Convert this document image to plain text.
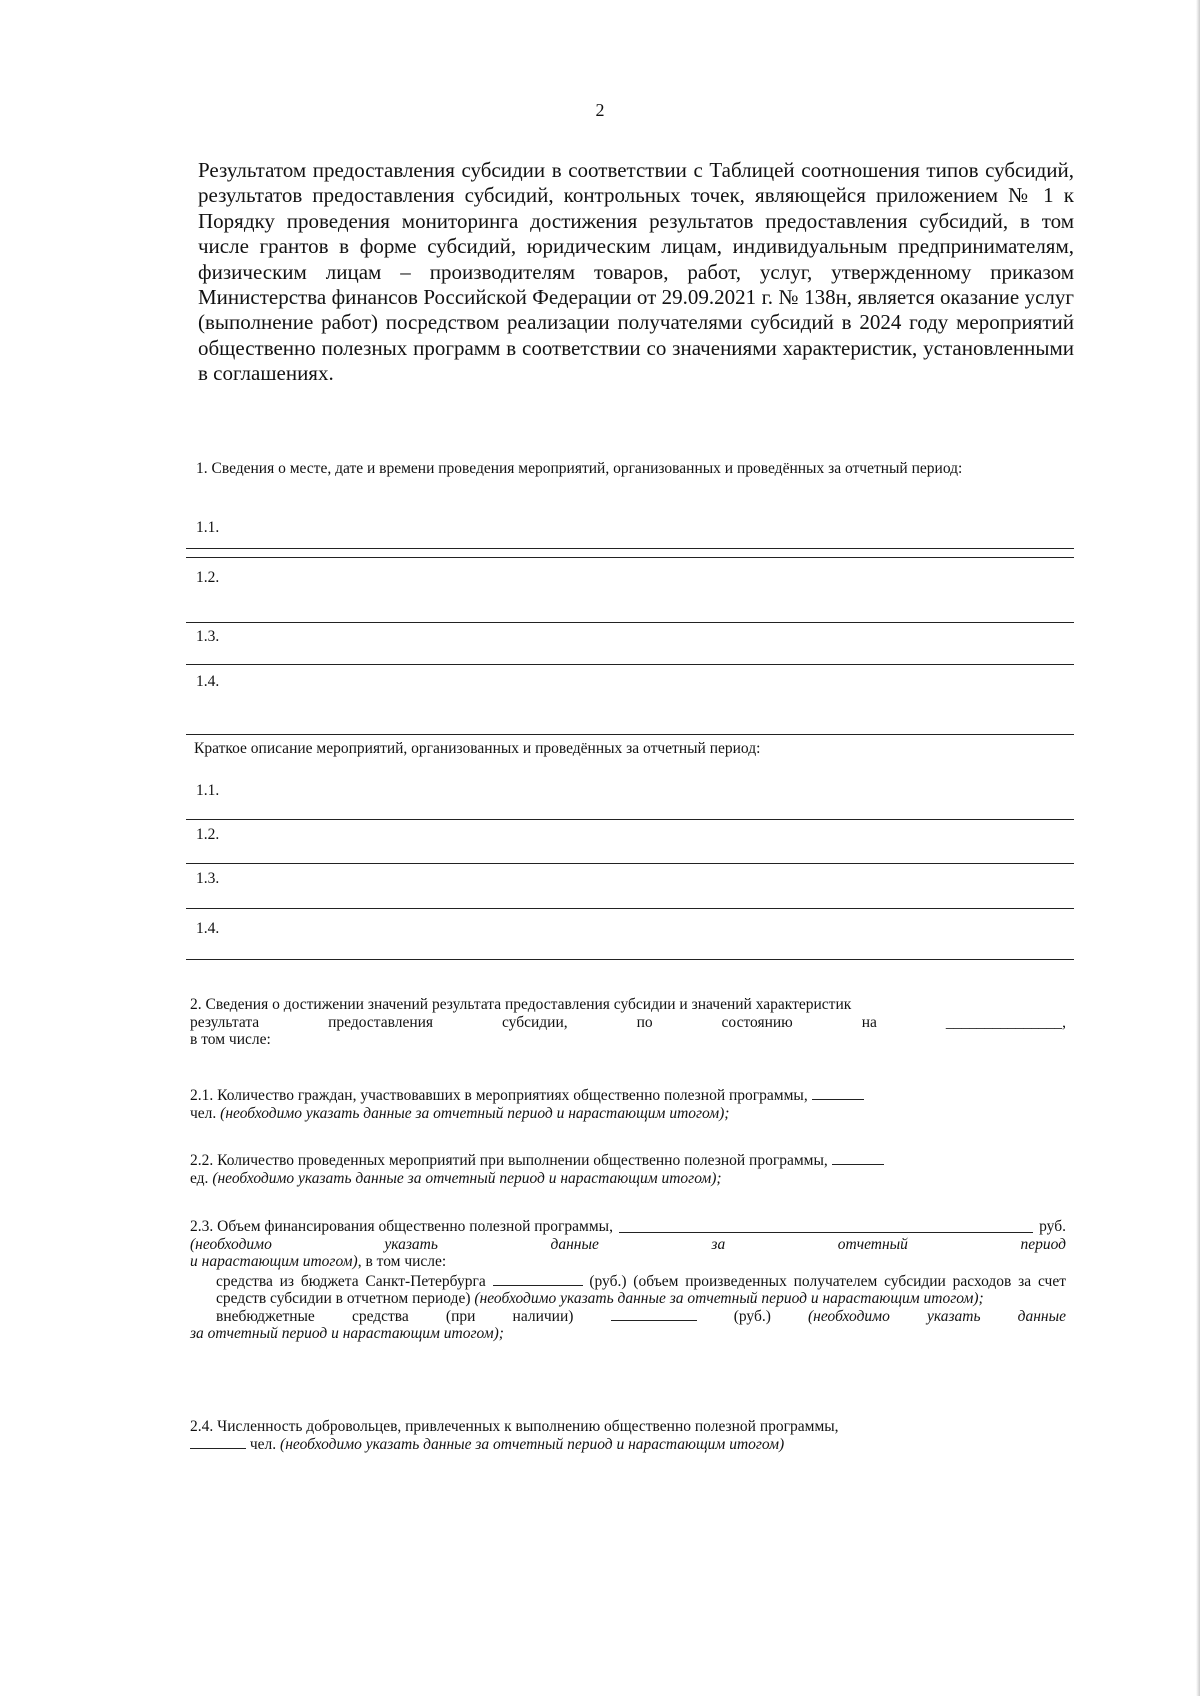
2
Результатом предоставления субсидии в соответствии с Таблицей соотношения типов субсидий, результатов предоставления субсидий, контрольных точек, являющейся приложением № 1 к Порядку проведения мониторинга достижения результатов предоставления субсидий, в том числе грантов в форме субсидий, юридическим лицам, индивидуальным предпринимателям, физическим лицам – производителям товаров, работ, услуг, утвержденному приказом Министерства финансов Российской Федерации от 29.09.2021 г. № 138н, является оказание услуг (выполнение работ) посредством реализации получателями субсидий в 2024 году мероприятий общественно полезных программ в соответствии со значениями характеристик, установленными в соглашениях.
1. Сведения о месте, дате и времени проведения мероприятий, организованных и проведённых за отчетный период:
1.1.
1.2.
1.3.
1.4.
Краткое описание мероприятий, организованных и проведённых за отчетный период:
1.1.
1.2.
1.3.
1.4.
2. Сведения о достижении значений результата предоставления субсидии и значений характеристик
результата	предоставления	субсидии,	по	состоянию	на	_______________,
в том числе:
2.1. Количество граждан, участвовавших в мероприятиях общественно полезной программы,
чел. (необходимо указать данные за отчетный период и нарастающим итогом);
2.2. Количество проведенных мероприятий при выполнении общественно полезной программы,
ед. (необходимо указать данные за отчетный период и нарастающим итогом);
2.3. Объем финансирования общественно полезной программы,	руб.
(необходимо	указать	данные	за	отчетный	период
и нарастающим итогом), в том числе:
средства из бюджета Санкт-Петербурга	(руб.) (объем произведенных получателем субсидии расходов за счет средств субсидии в отчетном периоде) (необходимо указать данные за отчетный период и нарастающим итогом);
внебюджетные средства (при наличии)	(руб.) (необходимо указать данные
за отчетный период и нарастающим итогом);
2.4. Численность добровольцев, привлеченных к выполнению общественно полезной программы,
чел. (необходимо указать данные за отчетный период и нарастающим итогом)
